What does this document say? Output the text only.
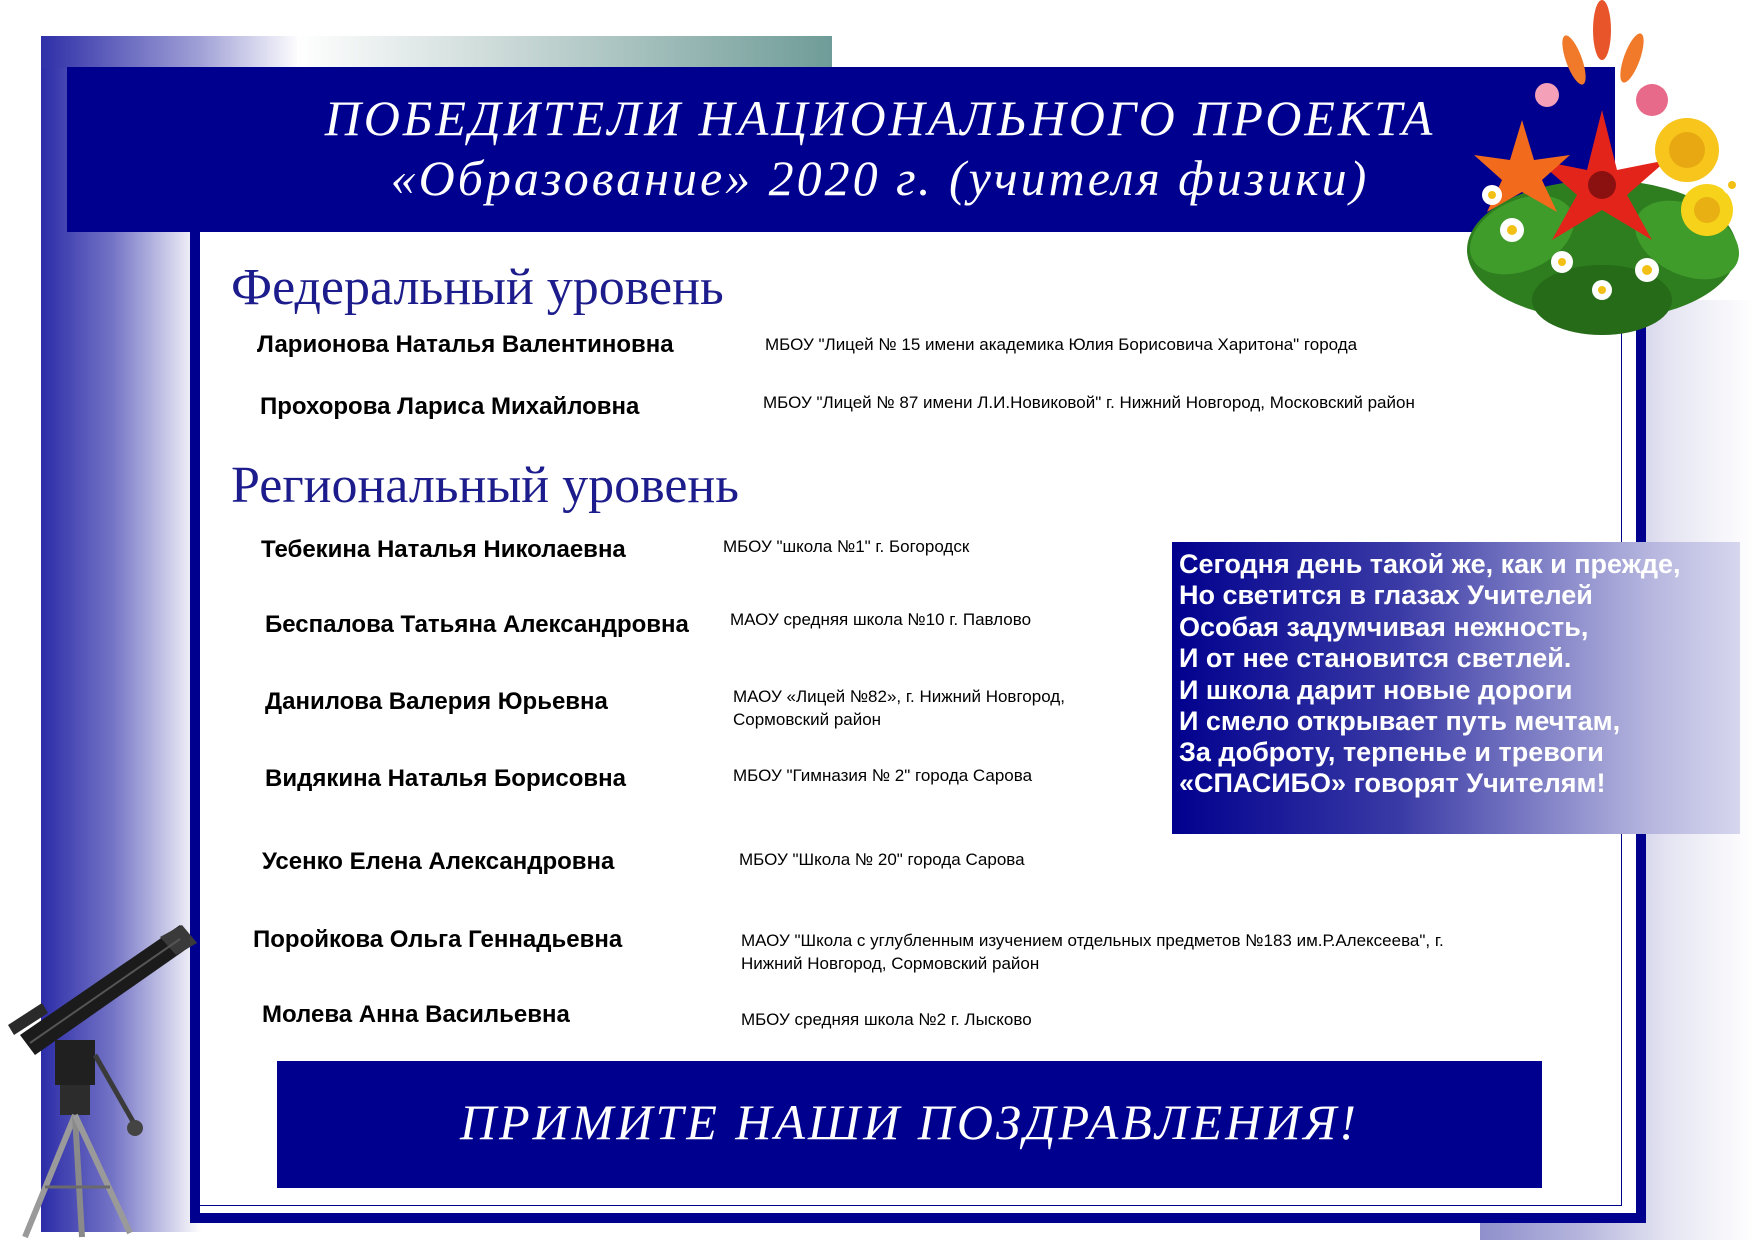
ПОБЕДИТЕЛИ НАЦИОНАЛЬНОГО ПРОЕКТА
«Образование» 2020 г. (учителя физики)
Федеральный уровень
Ларионова Наталья Валентиновна	МБОУ "Лицей № 15 имени академика Юлия Борисовича Харитона" города
Прохорова Лариса Михайловна	МБОУ "Лицей № 87 имени Л.И.Новиковой" г. Нижний Новгород, Московский район
Региональный уровень
Тебекина Наталья Николаевна	МБОУ "школа №1" г. Богородск
Беспалова Татьяна Александровна МАОУ средняя школа №10 г. Павлово
Данилова Валерия Юрьевна	МАОУ «Лицей №82», г. Нижний Новгород,
Сормовский район
Видякина Наталья Борисовна	МБОУ "Гимназия № 2" города Сарова
Усенко Елена Александровна	МБОУ "Школа № 20" города Сарова
Поройкова Ольга Геннадьевна	МАОУ "Школа с углубленным изучением отдельных предметов №183 им.Р.Алексеева", г.
Нижний Новгород, Сормовский район
Молева Анна Васильевна	МБОУ средняя школа №2 г. Лысково
Сегодня день такой же, как и прежде,
Но светится в глазах Учителей
Особая задумчивая нежность,
И от нее становится светлей.
И школа дарит новые дороги
И смело открывает путь мечтам,
За доброту, терпенье и тревоги
«СПАСИБО» говорят Учителям!
ПРИМИТЕ НАШИ ПОЗДРАВЛЕНИЯ!
